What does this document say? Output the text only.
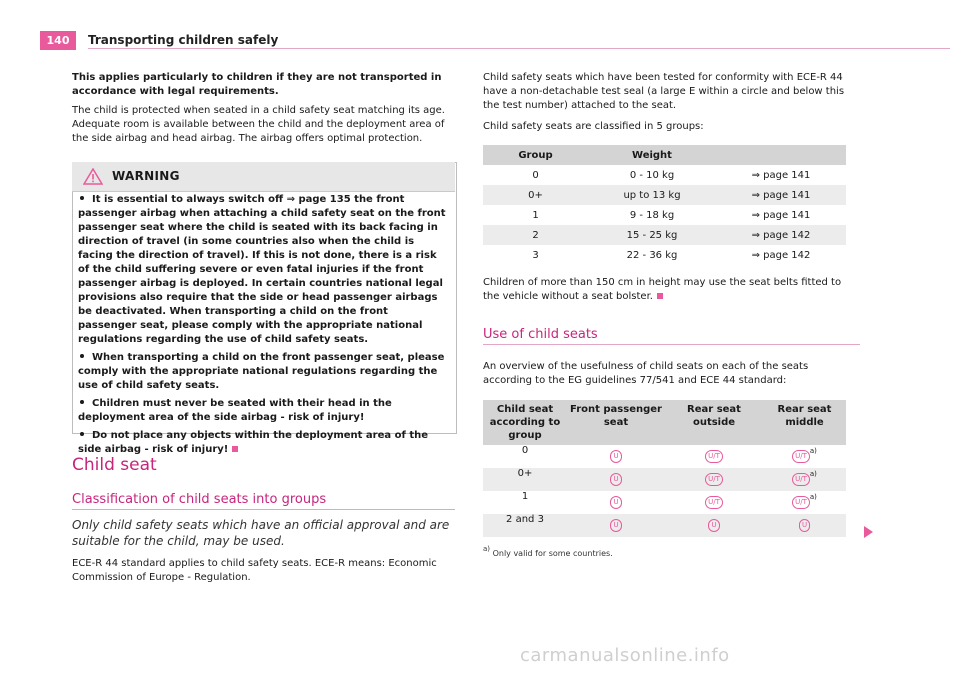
140	Transporting children safely

This applies particularly to children if they are not transported in accordance with legal requirements.

The child is protected when seated in a child safety seat matching its age. Adequate room is available between the child and the deployment area of the side airbag and head airbag. The airbag offers optimal protection.

WARNING
It is essential to always switch off ⇒ page 135 the front passenger airbag when attaching a child safety seat on the front passenger seat where the child is seated with its back facing in direction of travel (in some countries also when the child is facing the direction of travel). If this is not done, there is a risk of the child suffering severe or even fatal injuries if the front passenger airbag is deployed. In certain countries national legal provisions also require that the side or head passenger airbags be deactivated. When transporting a child on the front passenger seat, please comply with the appropriate national regulations regarding the use of child safety seats.
When transporting a child on the front passenger seat, please comply with the appropriate national regulations regarding the use of child safety seats.
Children must never be seated with their head in the deployment area of the side airbag - risk of injury!
Do not place any objects within the deployment area of the side airbag - risk of injury!
Child seat
Classification of child seats into groups
Only child safety seats which have an official approval and are suitable for the child, may be used.

ECE-R 44 standard applies to child safety seats. ECE-R means: Economic Commission of Europe - Regulation.

Child safety seats which have been tested for conformity with ECE-R 44 have a non-detachable test seal (a large E within a circle and below this the test number) attached to the seat.

Child safety seats are classified in 5 groups:

Group	Weight	
0	0 - 10 kg	⇒ page 141
0+	up to 13 kg	⇒ page 141
1	9 - 18 kg	⇒ page 141
2	15 - 25 kg	⇒ page 142
3	22 - 36 kg	⇒ page 142

Children of more than 150 cm in height may use the seat belts fitted to the vehicle without a seat bolster.

Use of child seats

An overview of the usefulness of child seats on each of the seats according to the EG guidelines 77/541 and ECE 44 standard:

Child seat according to group	Front passenger seat	Rear seat outside	Rear seat middle
0	U	U/T	$U/T^{a)}$
0+	U	U/T	$U/T^{a)}$
1	U	U/T	$U/T^{a)}$
2 and 3	U	U	U
a) Only valid for some countries.
carmanualsonline.info
